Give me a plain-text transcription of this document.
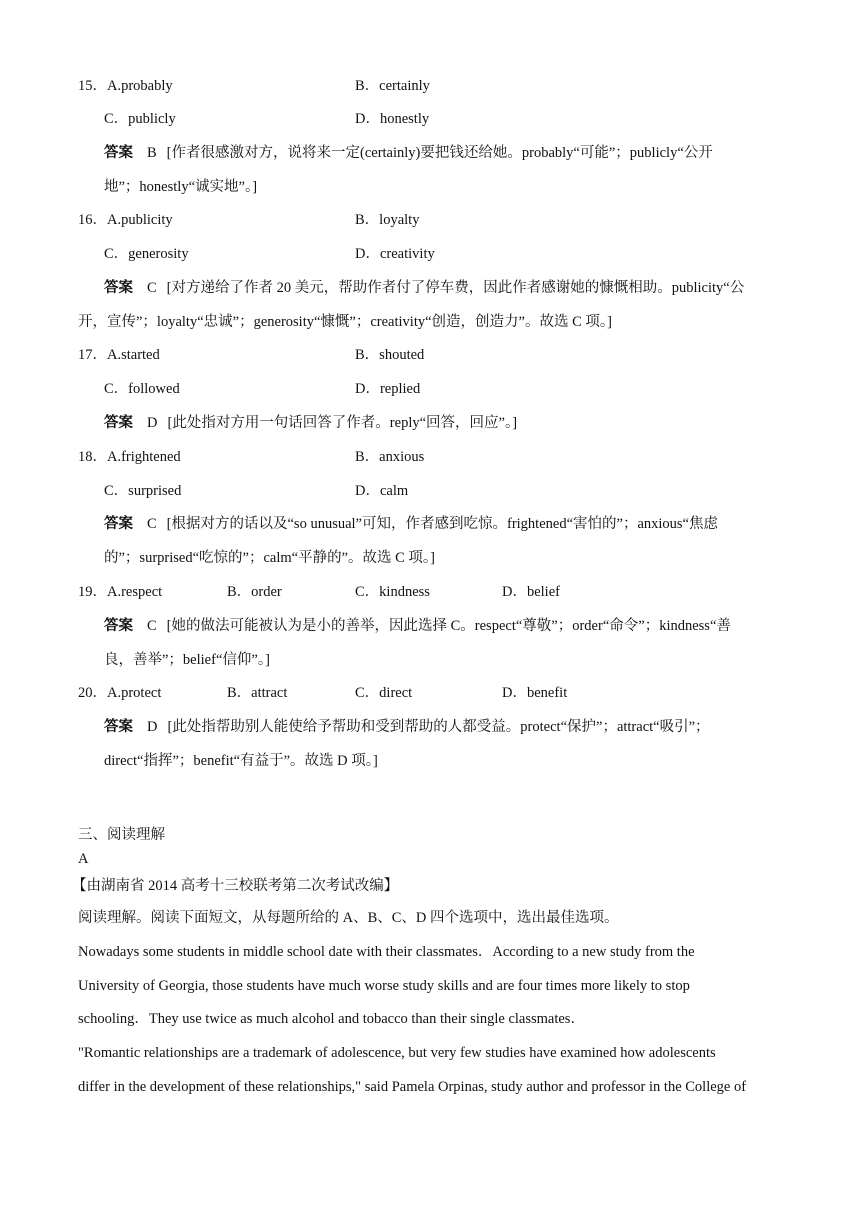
15．A.probably	B．certainly
C．publicly	D．honestly
答案 B [作者很感激对方，说将来一定(certainly)要把钱还给她。probably“可能”；publicly“公开
地”；honestly“诚实地”。]
16．A.publicity	B．loyalty
C．generosity	D．creativity
答案 C [对方递给了作者 20 美元，帮助作者付了停车费，因此作者感谢她的慷慨相助。publicity“公
开，宣传”；loyalty“忠诚”；generosity“慷慨”；creativity“创造，创造力”。故选 C 项。]
17．A.started	B．shouted
C．followed	D．replied
答案 D [此处指对方用一句话回答了作者。reply“回答，回应”。]
18．A.frightened	B．anxious
C．surprised	D．calm
答案 C [根据对方的话以及“so unusual”可知，作者感到吃惊。frightened“害怕的”；anxious“焦虑
的”；surprised“吃惊的”；calm“平静的”。故选 C 项。]
19．A.respect	B．order	C．kindness	D．belief
答案 C [她的做法可能被认为是小的善举，因此选择 C。respect“尊敬”；order“命令”；kindness“善
良，善举”；belief“信仰”。]
20．A.protect	B．attract	C．direct	D．benefit
答案 D [此处指帮助别人能使给予帮助和受到帮助的人都受益。protect“保护”；attract“吸引”；
direct“指挥”；benefit“有益于”。故选 D 项。]
三、阅读理解
A
【由湖南省 2014 高考十三校联考第二次考试改编】
阅读理解。阅读下面短文，从每题所给的 A、B、C、D 四个选项中，选出最佳选项。
Nowadays some students in middle school date with their classmates．According to a new study from the
University of Georgia, those students have much worse study skills and are four times more likely to stop
schooling．They use twice as much alcohol and tobacco than their single classmates．
"Romantic relationships are a trademark of adolescence, but very few studies have examined how adolescents
differ in the development of these relationships," said Pamela Orpinas, study author and professor in the College of
